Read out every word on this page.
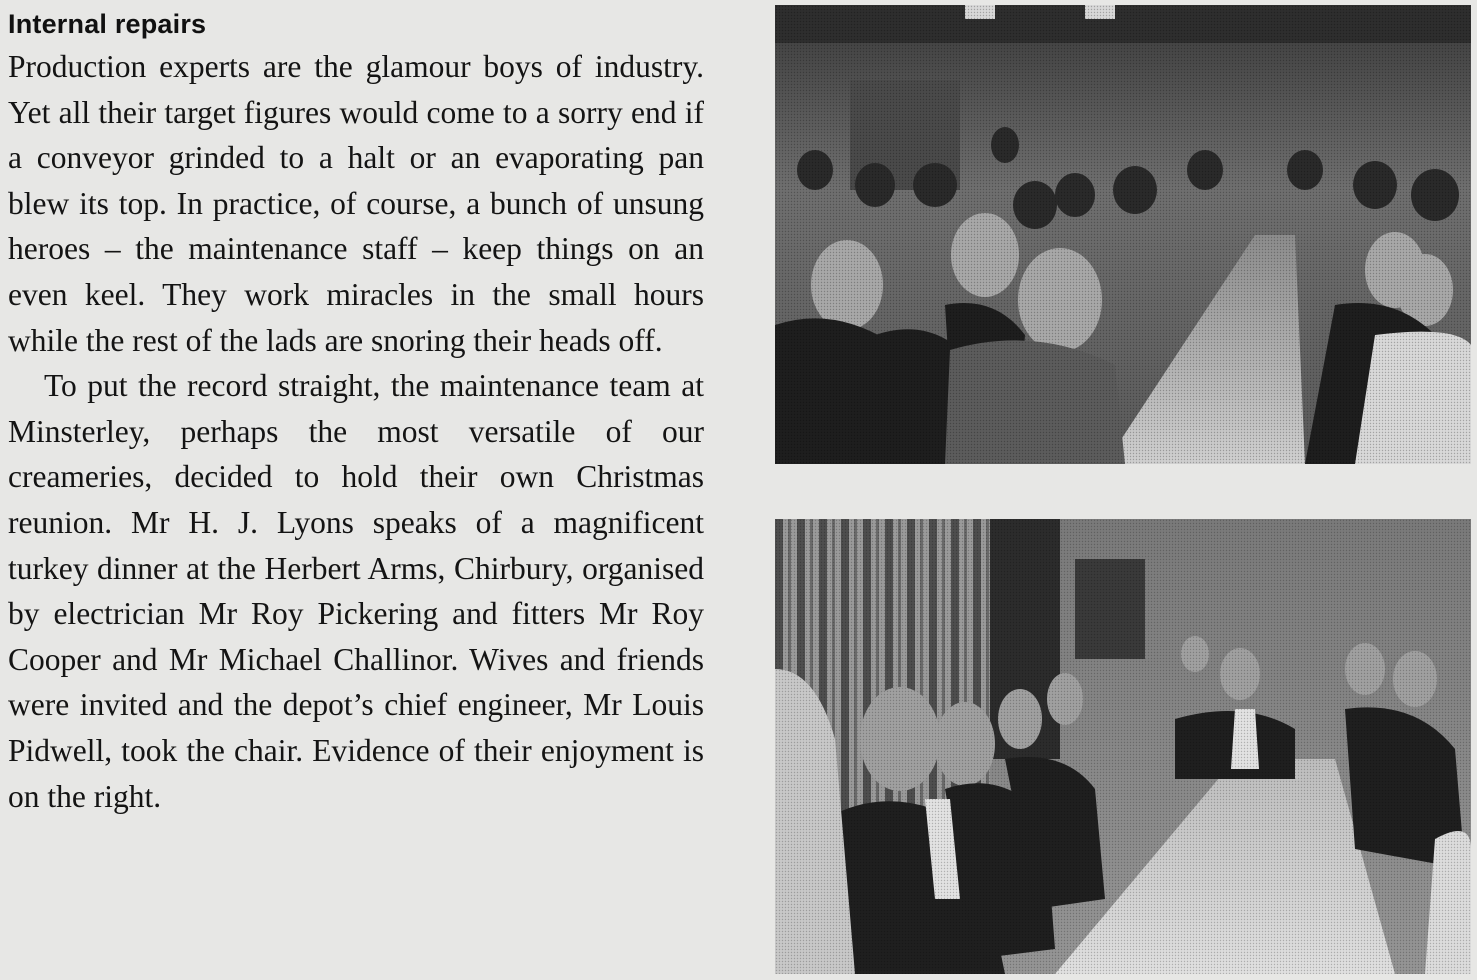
Internal repairs

Production experts are the glamour boys of industry. Yet all their target figures would come to a sorry end if a conveyor grinded to a halt or an evaporating pan blew its top. In practice, of course, a bunch of unsung heroes – the maintenance staff – keep things on an even keel. They work miracles in the small hours while the rest of the lads are snoring their heads off.

To put the record straight, the maintenance team at Minsterley, perhaps the most versatile of our creameries, decided to hold their own Christmas reunion. Mr H. J. Lyons speaks of a magnificent turkey dinner at the Herbert Arms, Chirbury, organised by electrician Mr Roy Pickering and fitters Mr Roy Cooper and Mr Michael Challinor. Wives and friends were invited and the depot’s chief engineer, Mr Louis Pidwell, took the chair. Evidence of their enjoyment is on the right.
